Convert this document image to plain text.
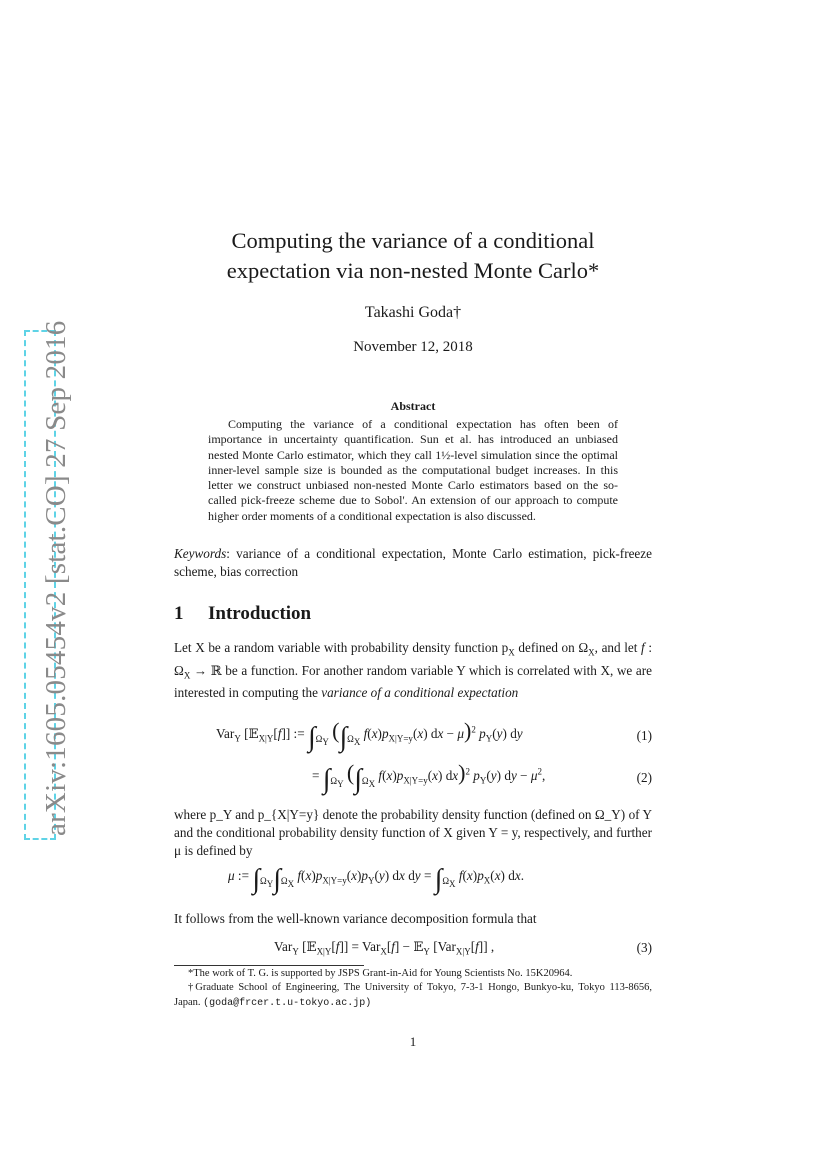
arXiv:1605.05454v2 [stat.CO] 27 Sep 2016
Computing the variance of a conditional
expectation via non-nested Monte Carlo*
Takashi Goda†
November 12, 2018
Abstract
Computing the variance of a conditional expectation has often been of importance in uncertainty quantification. Sun et al. has introduced an unbiased nested Monte Carlo estimator, which they call 1½-level simulation since the optimal inner-level sample size is bounded as the computational budget increases. In this letter we construct unbiased non-nested Monte Carlo estimators based on the so-called pick-freeze scheme due to Sobol'. An extension of our approach to compute higher order moments of a conditional expectation is also discussed.
Keywords: variance of a conditional expectation, Monte Carlo estimation, pick-freeze scheme, bias correction
1 Introduction
Let X be a random variable with probability density function $p_X$ defined on $\Omega_X$, and let f : $\Omega_X$ → ℝ be a function. For another random variable Y which is correlated with X, we are interested in computing the variance of a conditional expectation
Var$_Y$ [𝔼$_{X|Y}$[f]] := $\int_{\Omega_Y}$ ($\int_{\Omega_X}$ $f(x)p_{X|Y=y}(x)$ dx − μ)$^2$ $p_Y(y)$ dy	(1)
= $\int_{\Omega_Y}$ ($\int_{\Omega_X}$ $f(x)p_{X|Y=y}(x)$ dx)$^2$ $p_Y(y)$ dy − $\mu^2$,	(2)
where p_Y and p_{X|Y=y} denote the probability density function (defined on Ω_Y) of Y and the conditional probability density function of X given Y = y, respectively, and further μ is defined by
μ := $\int_{\Omega_Y}\int_{\Omega_X}$ $f(x)p_{X|Y=y}(x)p_Y(y)$ dx dy = $\int_{\Omega_X}$ $f(x)p_X(x)$ dx.
It follows from the well-known variance decomposition formula that
Var$_Y$ [𝔼$_{X|Y}$[f]] = Var$_X$[f] − 𝔼$_Y$ [Var$_{X|Y}$[f]] ,	(3)
*The work of T. G. is supported by JSPS Grant-in-Aid for Young Scientists No. 15K20964.
†Graduate School of Engineering, The University of Tokyo, 7-3-1 Hongo, Bunkyo-ku, Tokyo 113-8656, Japan. (goda@frcer.t.u-tokyo.ac.jp)
1
